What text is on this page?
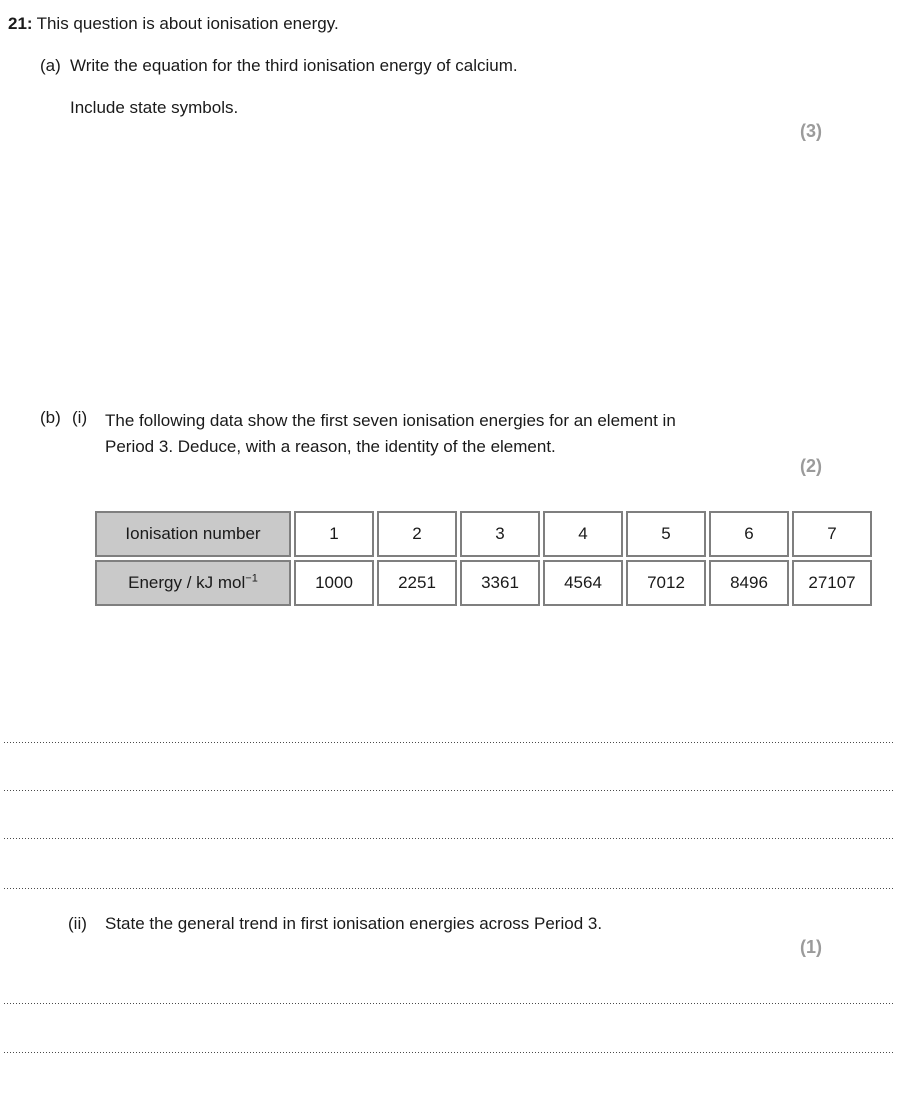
21: This question is about ionisation energy.
(a) Write the equation for the third ionisation energy of calcium.
Include state symbols.
(3)
(b) (i)	The following data show the first seven ionisation energies for an element in
Period 3. Deduce, with a reason, the identity of the element.
(2)
Ionisation number	1	2	3	4	5	6	7
Energy / kJ mol$^{-1}$	1000	2251	3361	4564	7012	8496	27107
(ii)	State the general trend in first ionisation energies across Period 3.
(1)
